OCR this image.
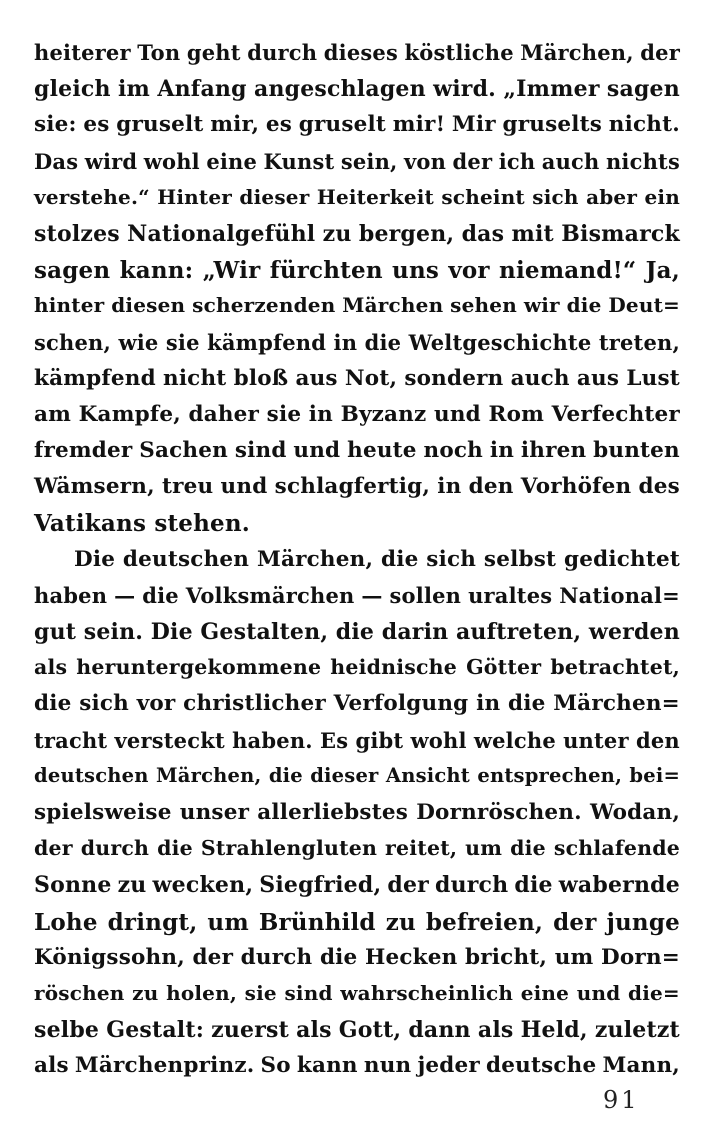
heiterer Ton geht durch dieses köstliche Märchen, der
gleich im Anfang angeschlagen wird. „Immer sagen
sie: es gruselt mir, es gruselt mir! Mir gruselts nicht.
Das wird wohl eine Kunst sein, von der ich auch nichts
verstehe.“ Hinter dieser Heiterkeit scheint sich aber ein
stolzes Nationalgefühl zu bergen, das mit Bismarck
sagen kann: „Wir fürchten uns vor niemand!“ Ja,
hinter diesen scherzenden Märchen sehen wir die Deut=
schen, wie sie kämpfend in die Weltgeschichte treten,
kämpfend nicht bloß aus Not, sondern auch aus Lust
am Kampfe, daher sie in Byzanz und Rom Verfechter
fremder Sachen sind und heute noch in ihren bunten
Wämsern, treu und schlagfertig, in den Vorhöfen des
Vatikans
stehen.

Die deutschen Märchen, die sich selbst gedichtet
haben — die Volksmärchen — sollen uraltes National=
gut sein. Die Gestalten, die darin auftreten, werden
als heruntergekommene heidnische Götter betrachtet,
die sich vor christlicher Verfolgung in die Märchen=
tracht versteckt haben. Es gibt wohl welche unter den
deutschen Märchen, die dieser Ansicht entsprechen, bei=
spielsweise unser allerliebstes Dornröschen. Wodan,
der durch die Strahlengluten reitet, um die schlafende
Sonne zu wecken, Siegfried, der durch die wabernde
Lohe dringt, um Brünhild zu befreien, der junge
Königssohn, der durch die Hecken bricht, um Dorn=
röschen zu holen, sie sind wahrscheinlich eine und die=
selbe Gestalt: zuerst als Gott, dann als Held, zuletzt
als Märchenprinz. So kann nun jeder deutsche Mann,
91
